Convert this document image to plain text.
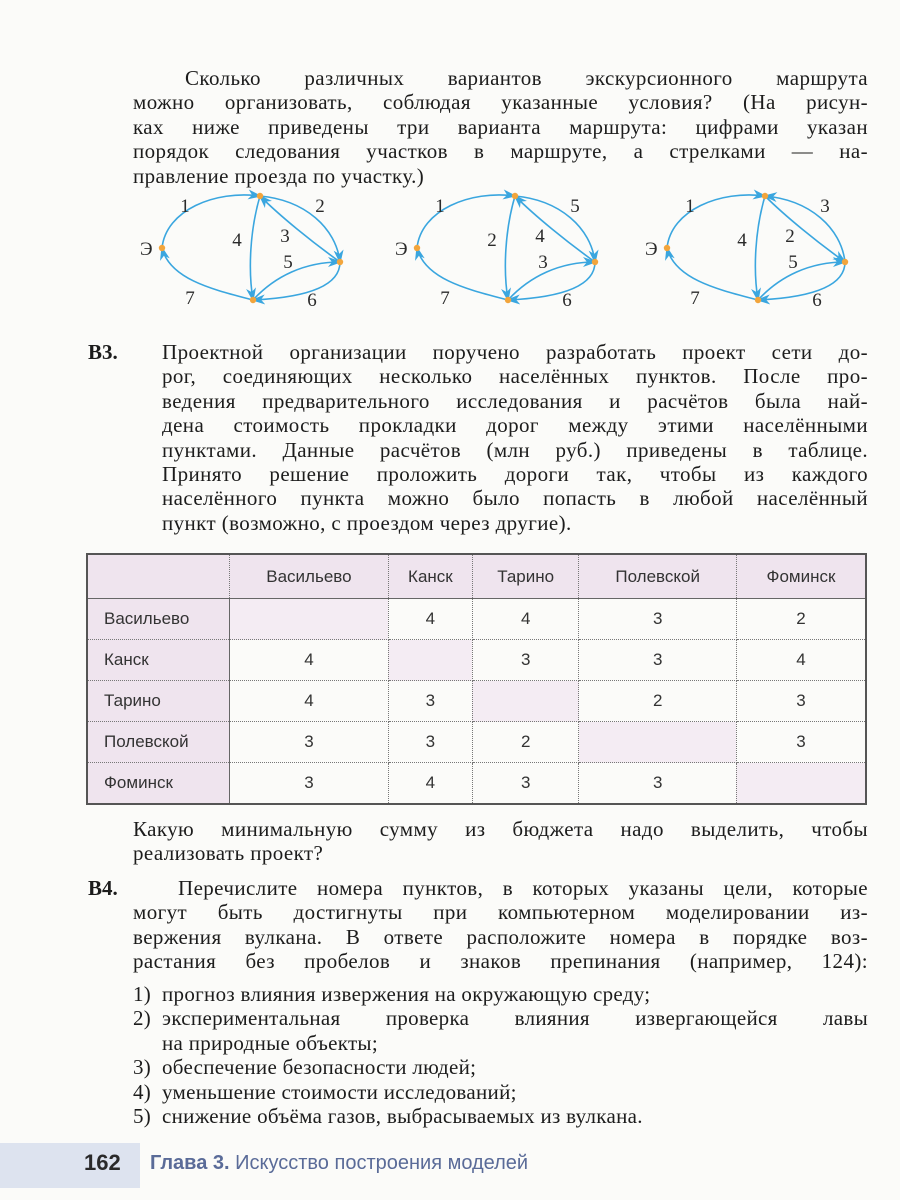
Сколько различных вариантов экскурсионного маршрута
можно организовать, соблюдая указанные условия? (На рисун-
ках ниже приведены три варианта маршрута: цифрами указан
порядок следования участков в маршруте, а стрелками — на-
правление проезда по участку.)
1	2
3
4
5
6
7
Э
1	5
4
2
3
6
7
Э
1	3
2
4
5
6
7
Э
B3. Проектной организации поручено разработать проект сети до-
рог, соединяющих несколько населённых пунктов. После про-
ведения предварительного исследования и расчётов была най-
дена стоимость прокладки дорог между этими населёнными
пунктами. Данные расчётов (млн руб.) приведены в таблице.
Принято решение проложить дороги так, чтобы из каждого
населённого пункта можно было попасть в любой населённый
пункт (возможно, с проездом через другие).
	Васильево	Канск	Тарино	Полевской	Фоминск
Васильево		4	4	3	2
Канск	4		3	3	4
Тарино	4	3		2	3
Полевской	3	3	2		3
Фоминск	3	4	3	3	
Какую минимальную сумму из бюджета надо выделить, чтобы
реализовать проект?
B4.	Перечислите номера пунктов, в которых указаны цели, которые
могут быть достигнуты при компьютерном моделировании из-
вержения вулкана. В ответе расположите номера в порядке воз-
растания без пробелов и знаков препинания (например, 124):
1) прогноз влияния извержения на окружающую среду;
2) экспериментальная проверка влияния извергающейся лавы
на природные объекты;
3) обеспечение безопасности людей;
4) уменьшение стоимости исследований;
5) снижение объёма газов, выбрасываемых из вулкана.
162 Глава 3. Искусство построения моделей
